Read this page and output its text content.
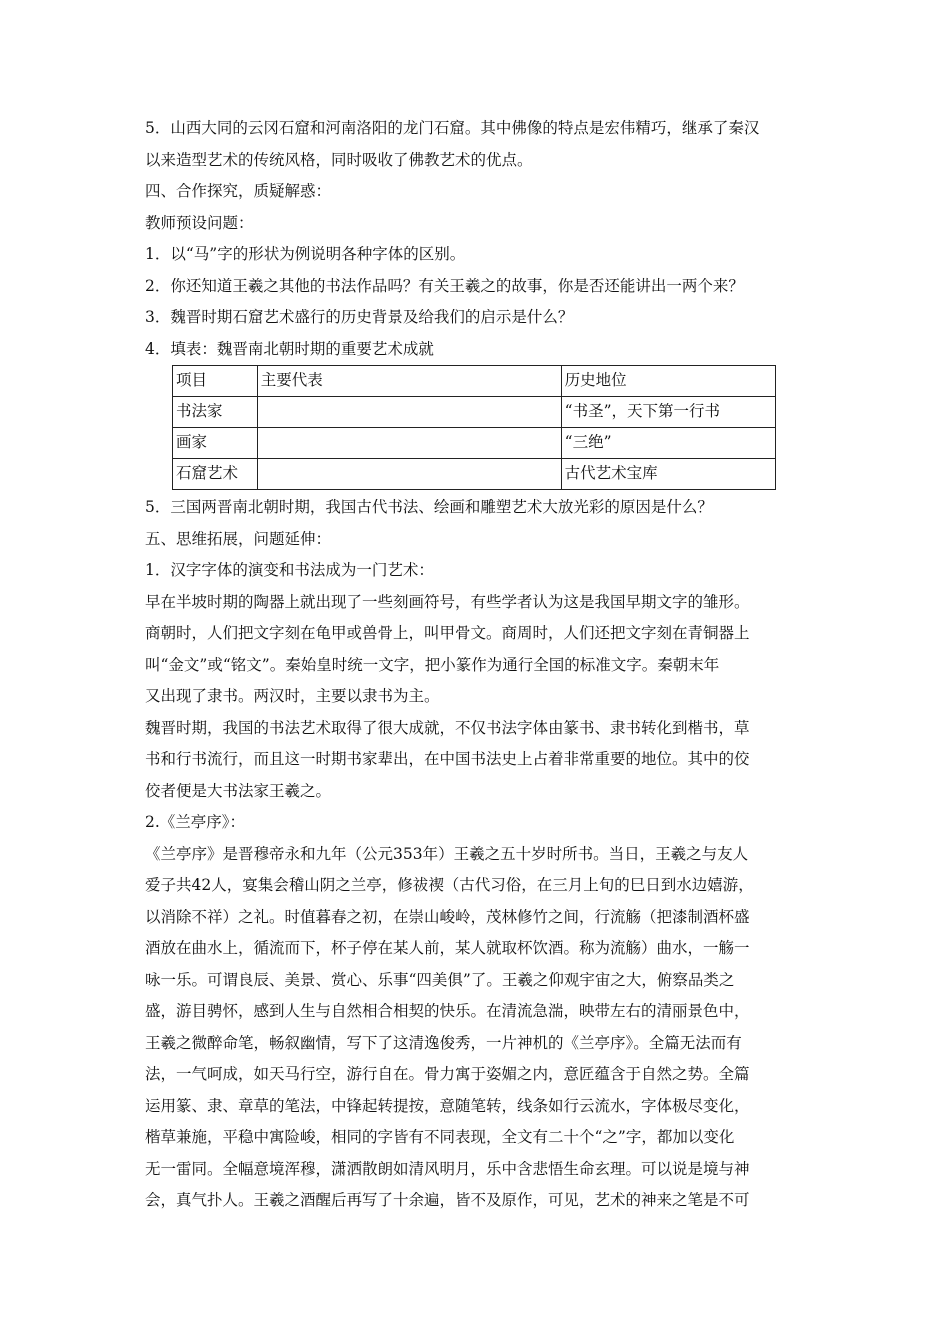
5．山西大同的云冈石窟和河南洛阳的龙门石窟。其中佛像的特点是宏伟精巧，继承了秦汉

以来造型艺术的传统风格，同时吸收了佛教艺术的优点。

四、合作探究，质疑解惑：

教师预设问题：

1．以“马”字的形状为例说明各种字体的区别。

2．你还知道王羲之其他的书法作品吗？有关王羲之的故事，你是否还能讲出一两个来？

3．魏晋时期石窟艺术盛行的历史背景及给我们的启示是什么？

4．填表：魏晋南北朝时期的重要艺术成就

项目	主要代表	历史地位
书法家		“书圣”，天下第一行书
画家		“三绝”
石窟艺术		古代艺术宝库

5．三国两晋南北朝时期，我国古代书法、绘画和雕塑艺术大放光彩的原因是什么？

五、思维拓展，问题延伸：

1．汉字字体的演变和书法成为一门艺术：

早在半坡时期的陶器上就出现了一些刻画符号，有些学者认为这是我国早期文字的雏形。

商朝时，人们把文字刻在龟甲或兽骨上，叫甲骨文。商周时，人们还把文字刻在青铜器上

叫“金文”或“铭文”。秦始皇时统一文字，把小篆作为通行全国的标准文字。秦朝末年

又出现了隶书。两汉时，主要以隶书为主。

魏晋时期，我国的书法艺术取得了很大成就，不仅书法字体由篆书、隶书转化到楷书，草

书和行书流行，而且这一时期书家辈出，在中国书法史上占着非常重要的地位。其中的佼

佼者便是大书法家王羲之。

2.《兰亭序》：

《兰亭序》是晋穆帝永和九年（公元353年）王羲之五十岁时所书。当日，王羲之与友人

爱子共42人，宴集会稽山阴之兰亭，修祓禊（古代习俗，在三月上旬的巳日到水边嬉游，

以消除不祥）之礼。时值暮春之初，在崇山峻岭，茂林修竹之间，行流觞（把漆制酒杯盛

酒放在曲水上，循流而下，杯子停在某人前，某人就取杯饮酒。称为流觞）曲水，一觞一

咏一乐。可谓良辰、美景、赏心、乐事“四美俱”了。王羲之仰观宇宙之大，俯察品类之

盛，游目骋怀，感到人生与自然相合相契的快乐。在清流急湍，映带左右的清丽景色中，

王羲之微醉命笔，畅叙幽情，写下了这清逸俊秀，一片神机的《兰亭序》。全篇无法而有

法，一气呵成，如天马行空，游行自在。骨力寓于姿媚之内，意匠蕴含于自然之势。全篇

运用篆、隶、章草的笔法，中锋起转提按，意随笔转，线条如行云流水，字体极尽变化，

楷草兼施，平稳中寓险峻，相同的字皆有不同表现，全文有二十个“之”字，都加以变化

无一雷同。全幅意境浑穆，潇洒散朗如清风明月，乐中含悲悟生命玄理。可以说是境与神

会，真气扑人。王羲之酒醒后再写了十余遍，皆不及原作，可见，艺术的神来之笔是不可
